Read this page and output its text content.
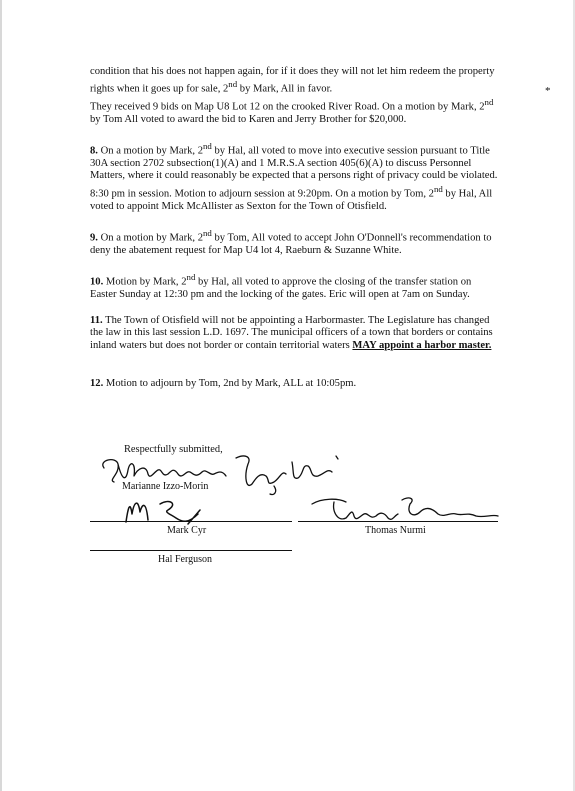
*

condition that his does not happen again, for if it does they will not let him redeem the property rights when it goes up for sale, 2nd by Mark, All in favor.
They received 9 bids on Map U8 Lot 12 on the crooked River Road. On a motion by Mark, 2nd by Tom All voted to award the bid to Karen and Jerry Brother for $20,000.

8. On a motion by Mark, 2nd by Hal, all voted to move into executive session pursuant to Title 30A section 2702 subsection(1)(A) and 1 M.R.S.A section 405(6)(A) to discuss Personnel Matters, where it could reasonably be expected that a persons right of privacy could be violated. 8:30 pm in session. Motion to adjourn session at 9:20pm. On a motion by Tom, 2nd by Hal, All voted to appoint Mick McAllister as Sexton for the Town of Otisfield.

9. On a motion by Mark, 2nd by Tom, All voted to accept John O'Donnell's recommendation to deny the abatement request for Map U4 lot 4, Raeburn & Suzanne White.

10. Motion by Mark, 2nd by Hal, all voted to approve the closing of the transfer station on Easter Sunday at 12:30 pm and the locking of the gates. Eric will open at 7am on Sunday.

11. The Town of Otisfield will not be appointing a Harbormaster. The Legislature has changed the law in this last session L.D. 1697. The municipal officers of a town that borders or contains inland waters but does not border or contain territorial waters MAY appoint a harbor master.

12. Motion to adjourn by Tom, 2nd by Mark, ALL at 10:05pm.

Respectfully submitted,
Marianne Izzo-Morin
Mark Cyr	Thomas Nurmi
Hal Ferguson
